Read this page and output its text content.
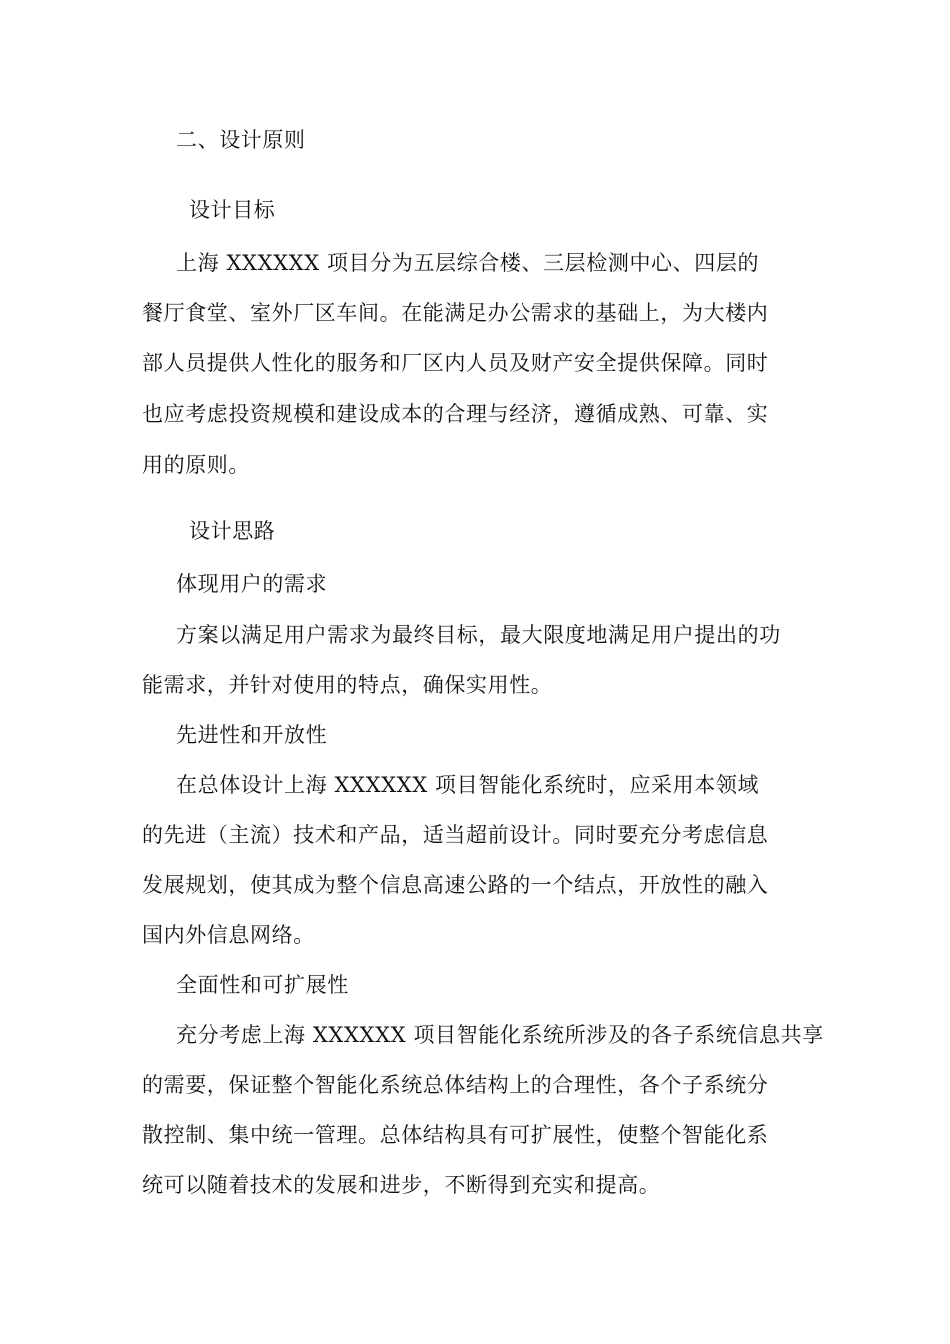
二、设计原则
设计目标
上海 XXXXXX 项目分为五层综合楼、三层检测中心、四层的
餐厅食堂、室外厂区车间。在能满足办公需求的基础上，为大楼内
部人员提供人性化的服务和厂区内人员及财产安全提供保障。同时
也应考虑投资规模和建设成本的合理与经济，遵循成熟、可靠、实
用的原则。
设计思路
体现用户的需求
方案以满足用户需求为最终目标，最大限度地满足用户提出的功
能需求，并针对使用的特点，确保实用性。
先进性和开放性
在总体设计上海 XXXXXX 项目智能化系统时，应采用本领域
的先进（主流）技术和产品，适当超前设计。同时要充分考虑信息
发展规划，使其成为整个信息高速公路的一个结点，开放性的融入
国内外信息网络。
全面性和可扩展性
充分考虑上海 XXXXXX 项目智能化系统所涉及的各子系统信息共享
的需要，保证整个智能化系统总体结构上的合理性，各个子系统分
散控制、集中统一管理。总体结构具有可扩展性，使整个智能化系
统可以随着技术的发展和进步，不断得到充实和提高。
